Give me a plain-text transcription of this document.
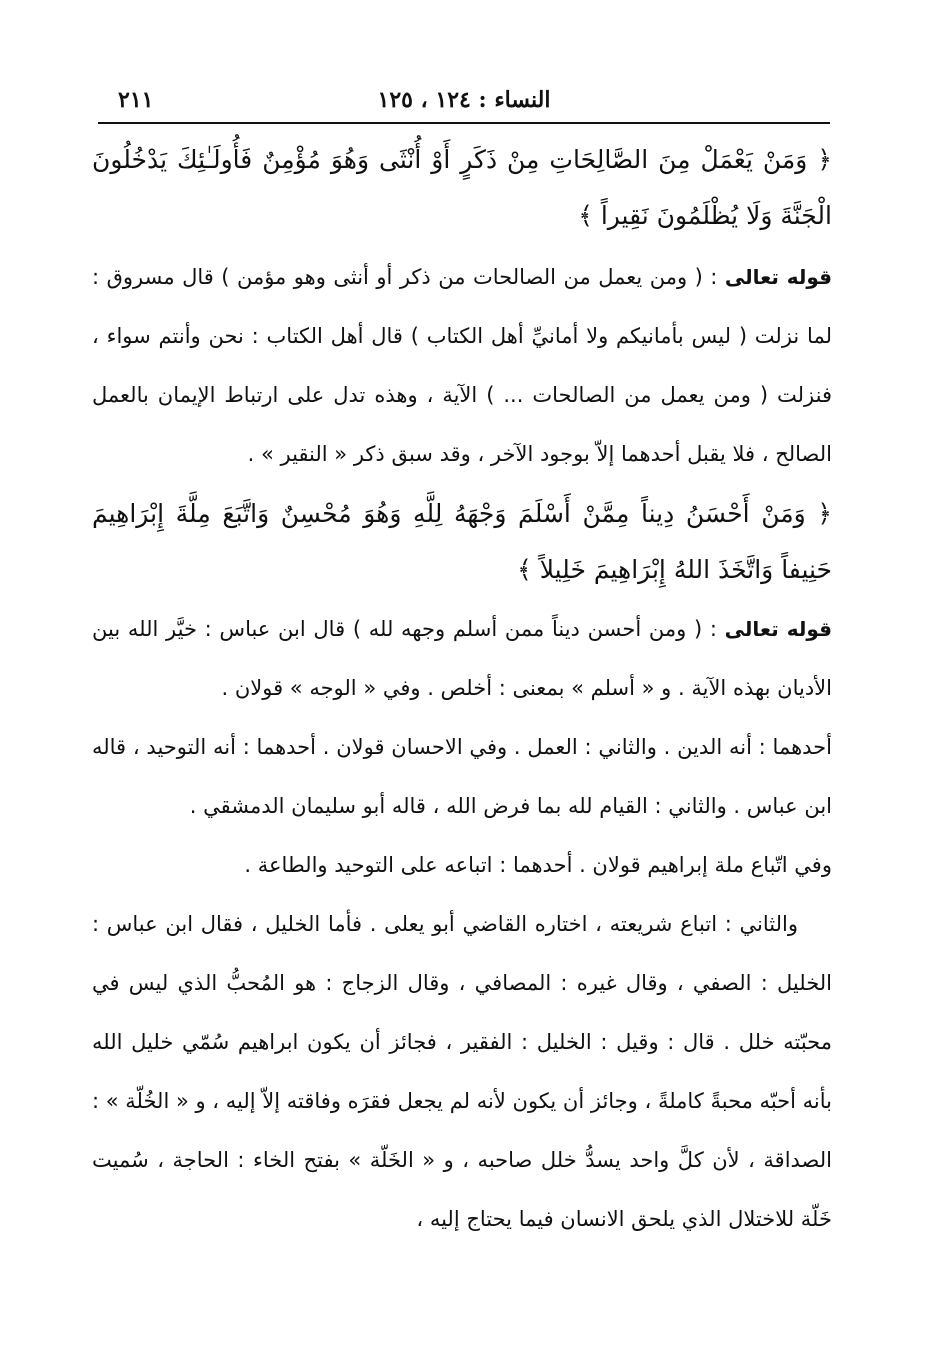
النساء : ١٢٤ ، ١٢٥
٢١١

﴿ وَمَنْ يَعْمَلْ مِنَ الصَّالِحَاتِ مِنْ ذَكَرٍ أَوْ أُنْثَى وَهُوَ مُؤْمِنٌ فَأُولَـٰئِكَ يَدْخُلُونَ الْجَنَّةَ وَلَا يُظْلَمُونَ نَقِيراً ﴾

قوله تعالى : ( ومن يعمل من الصالحات من ذكر أو أنثى وهو مؤمن ) قال مسروق : لما نزلت ( ليس بأمانيكم ولا أمانيِّ أهل الكتاب ) قال أهل الكتاب : نحن وأنتم سواء ، فنزلت ( ومن يعمل من الصالحات ... ) الآية ، وهذه تدل على ارتباط الإيمان بالعمل الصالح ، فلا يقبل أحدهما إلاّ بوجود الآخر ، وقد سبق ذكر « النقير » .

﴿ وَمَنْ أَحْسَنُ دِيناً مِمَّنْ أَسْلَمَ وَجْهَهُ لِلَّهِ وَهُوَ مُحْسِنٌ وَاتَّبَعَ مِلَّةَ إِبْرَاهِيمَ حَنِيفاً وَاتَّخَذَ اللهُ إِبْرَاهِيمَ خَلِيلاً ﴾

قوله تعالى : ( ومن أحسن ديناً ممن أسلم وجهه لله ) قال ابن عباس : خيَّر الله بين الأديان بهذه الآية . و « أسلم » بمعنى : أخلص . وفي « الوجه » قولان .

أحدهما : أنه الدين . والثاني : العمل . وفي الاحسان قولان . أحدهما : أنه التوحيد ، قاله ابن عباس . والثاني : القيام لله بما فرض الله ، قاله أبو سليمان الدمشقي .

وفي اتّباع ملة إبراهيم قولان . أحدهما : اتباعه على التوحيد والطاعة .

والثاني : اتباع شريعته ، اختاره القاضي أبو يعلى . فأما الخليل ، فقال ابن عباس : الخليل : الصفي ، وقال غيره : المصافي ، وقال الزجاج : هو المُحبُّ الذي ليس في محبّته خلل . قال : وقيل : الخليل : الفقير ، فجائز أن يكون ابراهيم سُمّي خليل الله بأنه أحبّه محبةً كاملةً ، وجائز أن يكون لأنه لم يجعل فقرَه وفاقته إلاّ إليه ، و « الخُلّة » : الصداقة ، لأن كلَّ واحد يسدُّ خلل صاحبه ، و « الخَلّة » بفتح الخاء : الحاجة ، سُميت خَلّة للاختلال الذي يلحق الانسان فيما يحتاج إليه ،
